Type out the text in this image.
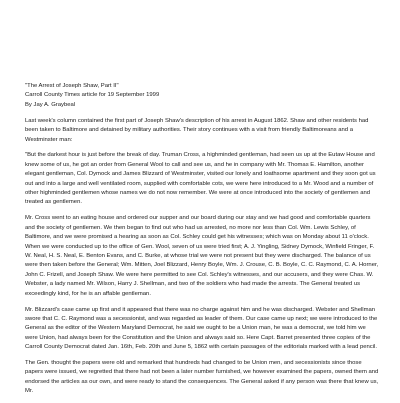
"The Arrest of Joseph Shaw, Part II"
Carroll County Times article for 19 September 1999
By Jay A. Graybeal

Last week's column contained the first part of Joseph Shaw's description of his arrest in August 1862. Shaw and other residents had been taken to Baltimore and detained by military authorities. Their story continues with a visit from friendly Baltimoreans and a Westminster man:

"But the darkest hour is just before the break of day. Truman Cross, a highminded gentleman, had seen us up at the Eutaw House and knew some of us, he got an order from General Wool to call and see us, and he in company with Mr. Thomas E. Hamilton, another elegant gentleman, Col. Dymock and James Blizzard of Westminster, visited our lonely and loathsome apartment and they soon got us out and into a large and well ventilated room, supplied with comfortable cots, we were here introduced to a Mr. Wood and a number of other highminded gentlemen whose names we do not now remember. We were at once introduced into the society of gentlemen and treated as gentlemen.

Mr. Cross went to an eating house and ordered our supper and our board during our stay and we had good and comfortable quarters and the society of gentlemen. We then began to find out who had us arrested, no more nor less than Col. Wm. Lewis Schley, of Baltimore, and we were promised a hearing as soon as Col. Schley could get his witnesses; which was on Monday about 11 o'clock. When we were conducted up to the office of Gen. Wool, seven of us were tried first; A. J. Yingling, Sidney Dymock, Winfield Fringer, F. W. Neal, H. S. Neal, E. Benton Evans, and C. Burke, at whose trial we were not present but they were discharged. The balance of us were then taken before the General; Wm. Mitten, Joel Blizzard, Henry Boyle, Wm. J. Crouse, C. B. Boyle, C. C. Raymond, C. A. Horner, John C. Frizell, and Joseph Shaw. We were here permitted to see Col. Schley's witnesses, and our accusers, and they were Chas. W. Webster, a lady named Mr. Wilson, Harry J. Shellman, and two of the soldiers who had made the arrests. The General treated us exceedingly kind, for he is an affable gentleman.

Mr. Blizzard's case came up first and it appeared that there was no charge against him and he was discharged. Webster and Shellman swore that C. C. Raymond was a secessionist, and was regarded as leader of them. Our case came up next; we were introduced to the General as the editor of the Western Maryland Democrat, he said we ought to be a Union man, he was a democrat, we told him we were Union, had always been for the Constitution and the Union and always said so. Here Capt. Barret presented three copies of the Carroll County Democrat dated Jan. 16th, Feb. 20th and June 5, 1862 with certain passages of the editorials marked with a lead pencil.

The Gen. thought the papers were old and remarked that hundreds had changed to be Union men, and secessionists since those papers were issued, we regretted that there had not been a later number furnished, we however examined the papers, owned them and endorsed the articles as our own, and were ready to stand the consequences. The General asked if any person was there that knew us, Mr.
